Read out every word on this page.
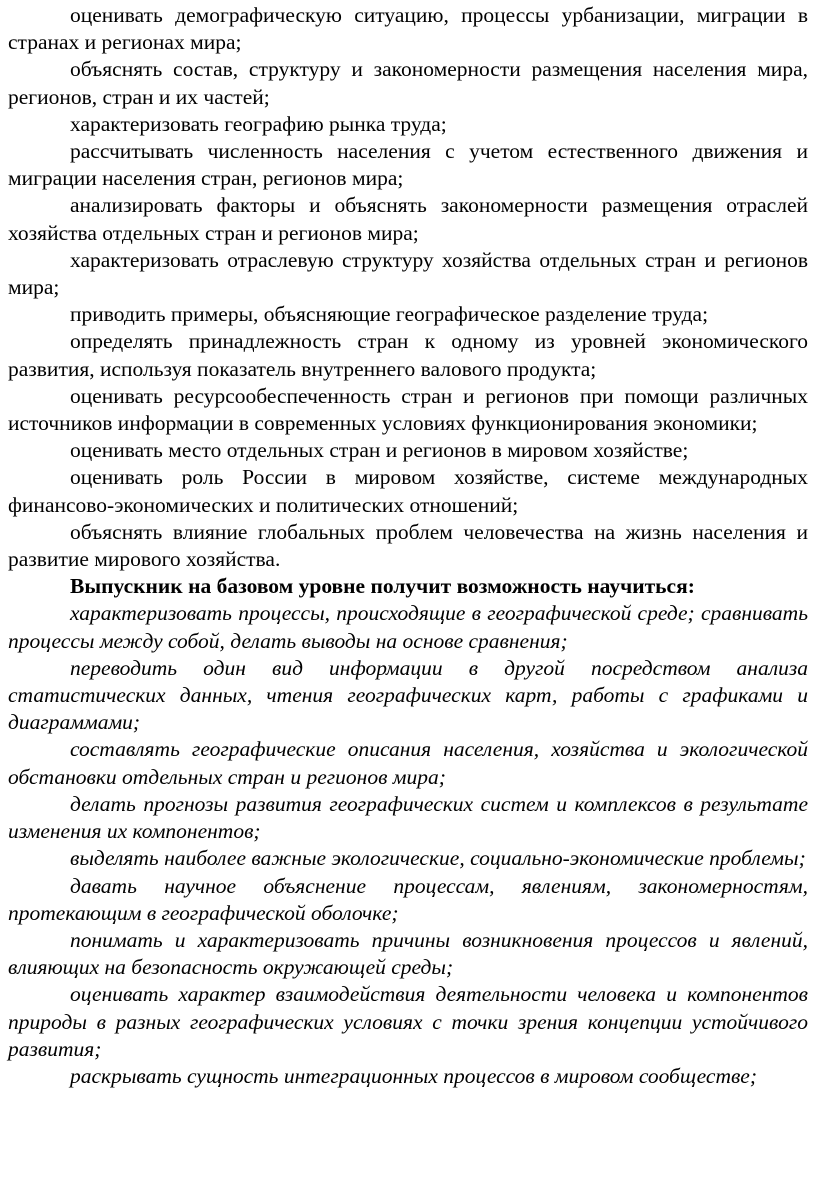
оценивать демографическую ситуацию, процессы урбанизации, миграции в странах и регионах мира;

объяснять состав, структуру и закономерности размещения населения мира, регионов, стран и их частей;

характеризовать географию рынка труда;

рассчитывать численность населения с учетом естественного движения и миграции населения стран, регионов мира;

анализировать факторы и объяснять закономерности размещения отраслей хозяйства отдельных стран и регионов мира;

характеризовать отраслевую структуру хозяйства отдельных стран и регионов мира;

приводить примеры, объясняющие географическое разделение труда;

определять принадлежность стран к одному из уровней экономического развития, используя показатель внутреннего валового продукта;

оценивать ресурсообеспеченность стран и регионов при помощи различных источников информации в современных условиях функционирования экономики;

оценивать место отдельных стран и регионов в мировом хозяйстве;

оценивать роль России в мировом хозяйстве, системе международных финансово-экономических и политических отношений;

объяснять влияние глобальных проблем человечества на жизнь населения и развитие мирового хозяйства.

Выпускник на базовом уровне получит возможность научиться:

характеризовать процессы, происходящие в географической среде; сравнивать процессы между собой, делать выводы на основе сравнения;

переводить один вид информации в другой посредством анализа статистических данных, чтения географических карт, работы с графиками и диаграммами;

составлять географические описания населения, хозяйства и экологической обстановки отдельных стран и регионов мира;

делать прогнозы развития географических систем и комплексов в результате изменения их компонентов;

выделять наиболее важные экологические, социально-экономические проблемы;

давать научное объяснение процессам, явлениям, закономерностям, протекающим в географической оболочке;

понимать и характеризовать причины возникновения процессов и явлений, влияющих на безопасность окружающей среды;

оценивать характер взаимодействия деятельности человека и компонентов природы в разных географических условиях с точки зрения концепции устойчивого развития;

раскрывать сущность интеграционных процессов в мировом сообществе;
